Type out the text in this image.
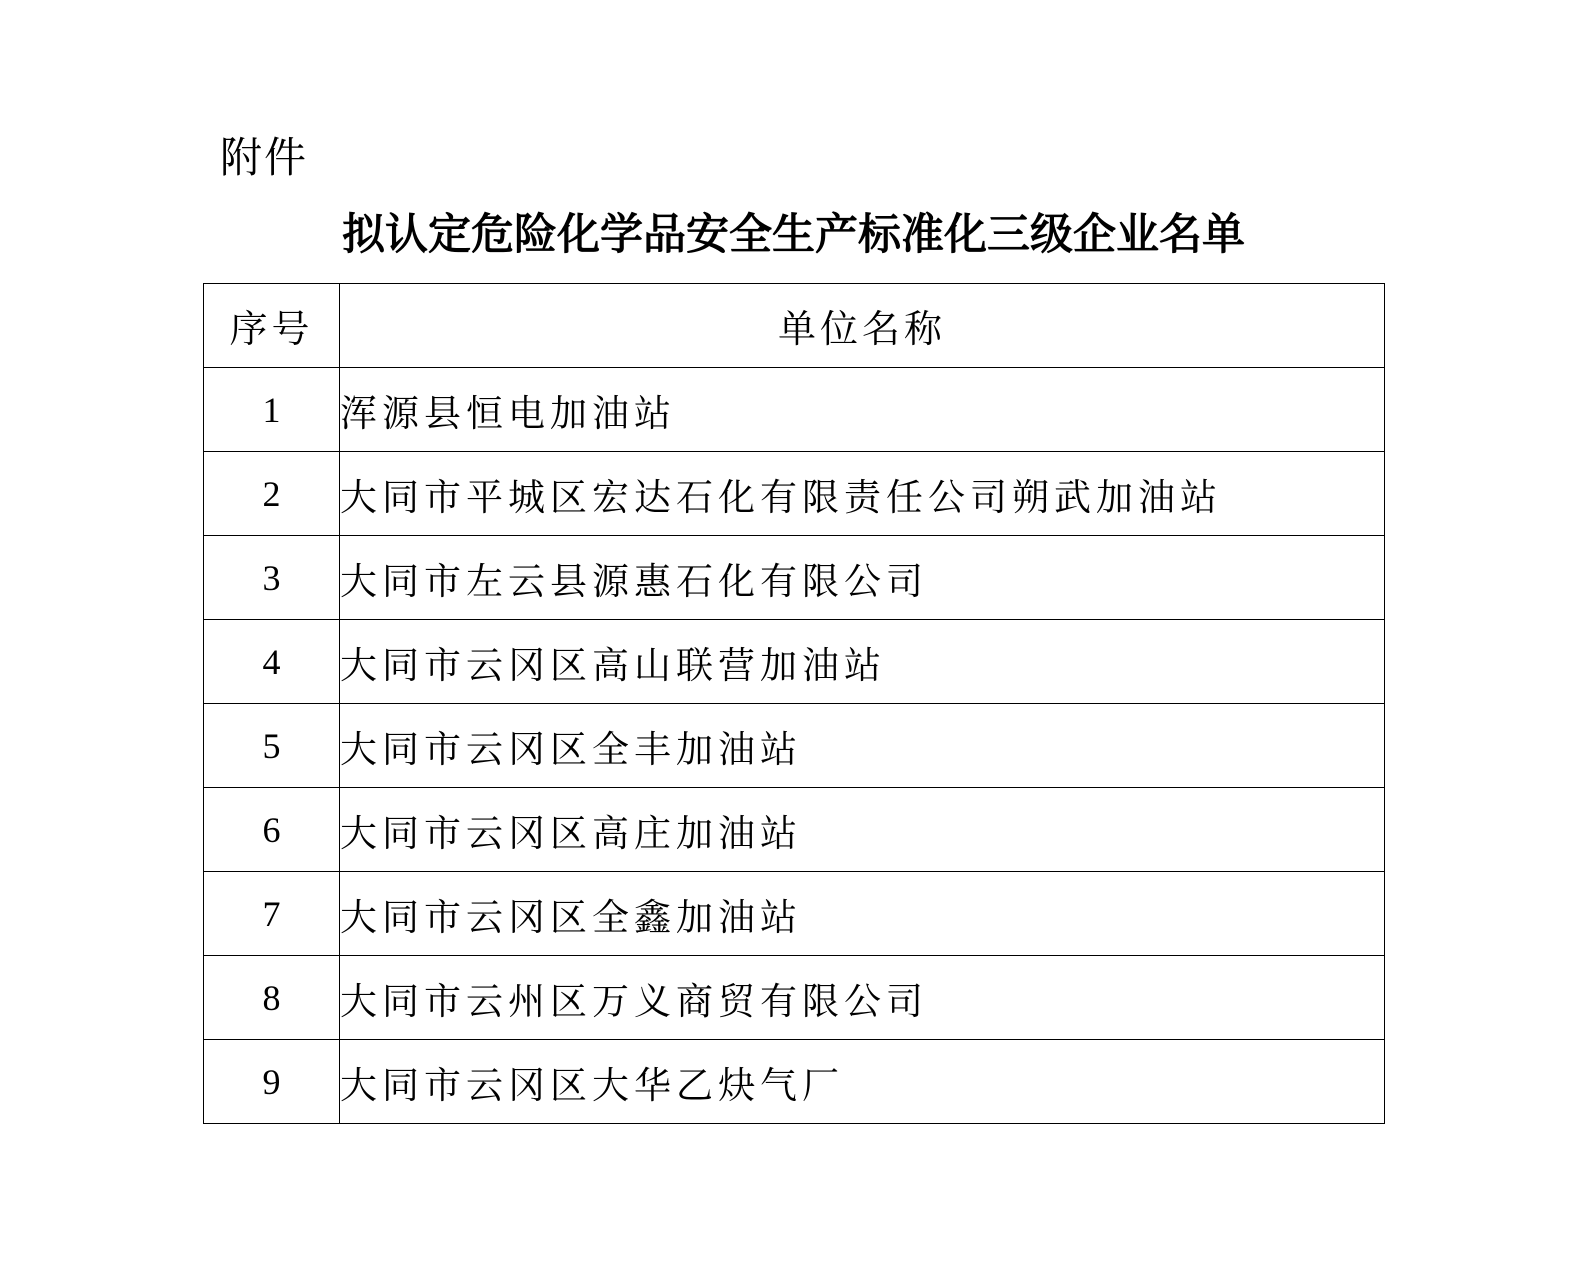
附件
拟认定危险化学品安全生产标准化三级企业名单
序号	单位名称
1	浑源县恒电加油站
2	大同市平城区宏达石化有限责任公司朔武加油站
3	大同市左云县源惠石化有限公司
4	大同市云冈区高山联营加油站
5	大同市云冈区全丰加油站
6	大同市云冈区高庄加油站
7	大同市云冈区全鑫加油站
8	大同市云州区万义商贸有限公司
9	大同市云冈区大华乙炔气厂
